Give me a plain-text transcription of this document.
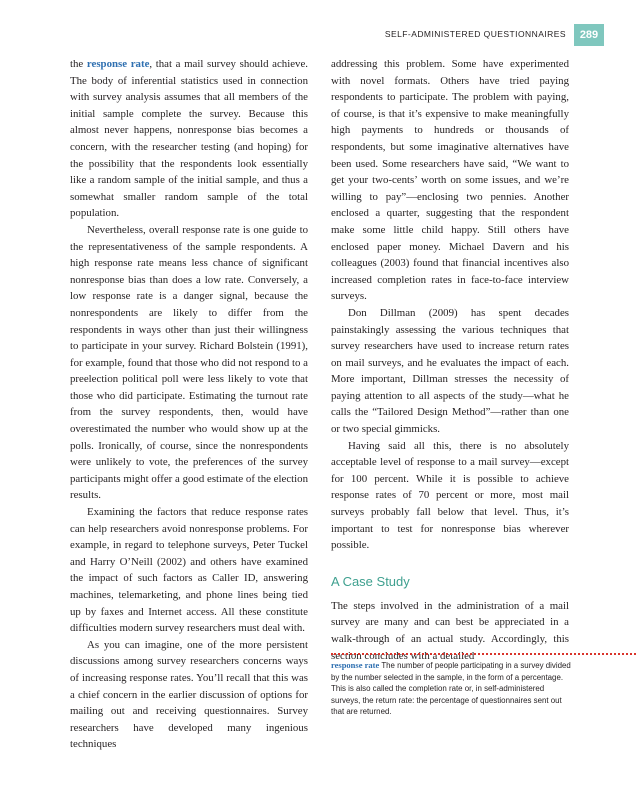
SELF-ADMINISTERED QUESTIONNAIRES	289

the response rate, that a mail survey should achieve. The body of inferential statistics used in connection with survey analysis assumes that all members of the initial sample complete the survey. Because this almost never happens, nonresponse bias becomes a concern, with the researcher testing (and hoping) for the possibility that the respondents look essentially like a random sample of the initial sample, and thus a somewhat smaller random sample of the total population.

Nevertheless, overall response rate is one guide to the representativeness of the sample respondents. A high response rate means less chance of significant nonresponse bias than does a low rate. Conversely, a low response rate is a danger signal, because the nonrespondents are likely to differ from the respondents in ways other than just their willingness to participate in your survey. Richard Bolstein (1991), for example, found that those who did not respond to a preelection political poll were less likely to vote that those who did participate. Estimating the turnout rate from the survey respondents, then, would have overestimated the number who would show up at the polls. Ironically, of course, since the nonrespondents were unlikely to vote, the preferences of the survey participants might offer a good estimate of the election results.

Examining the factors that reduce response rates can help researchers avoid nonresponse problems. For example, in regard to telephone surveys, Peter Tuckel and Harry O’Neill (2002) and others have examined the impact of such factors as Caller ID, answering machines, telemarketing, and phone lines being tied up by faxes and Internet access. All these constitute difficulties modern survey researchers must deal with.

As you can imagine, one of the more persistent discussions among survey researchers concerns ways of increasing response rates. You’ll recall that this was a chief concern in the earlier discussion of options for mailing out and receiving questionnaires. Survey researchers have developed many ingenious techniques

addressing this problem. Some have experimented with novel formats. Others have tried paying respondents to participate. The problem with paying, of course, is that it’s expensive to make meaningfully high payments to hundreds or thousands of respondents, but some imaginative alternatives have been used. Some researchers have said, “We want to get your two-cents’ worth on some issues, and we’re willing to pay”—enclosing two pennies. Another enclosed a quarter, suggesting that the respondent make some little child happy. Still others have enclosed paper money. Michael Davern and his colleagues (2003) found that financial incentives also increased completion rates in face-to-face interview surveys.

Don Dillman (2009) has spent decades painstakingly assessing the various techniques that survey researchers have used to increase return rates on mail surveys, and he evaluates the impact of each. More important, Dillman stresses the necessity of paying attention to all aspects of the study—what he calls the “Tailored Design Method”—rather than one or two special gimmicks.

Having said all this, there is no absolutely acceptable level of response to a mail survey—except for 100 percent. While it is possible to achieve response rates of 70 percent or more, most mail surveys probably fall below that level. Thus, it’s important to test for nonresponse bias wherever possible.

A Case Study

The steps involved in the administration of a mail survey are many and can best be appreciated in a walk-through of an actual study. Accordingly, this section concludes with a detailed

response rate The number of people participating in a survey divided by the number selected in the sample, in the form of a percentage. This is also called the completion rate or, in self-administered surveys, the return rate: the percentage of questionnaires sent out that are returned.
